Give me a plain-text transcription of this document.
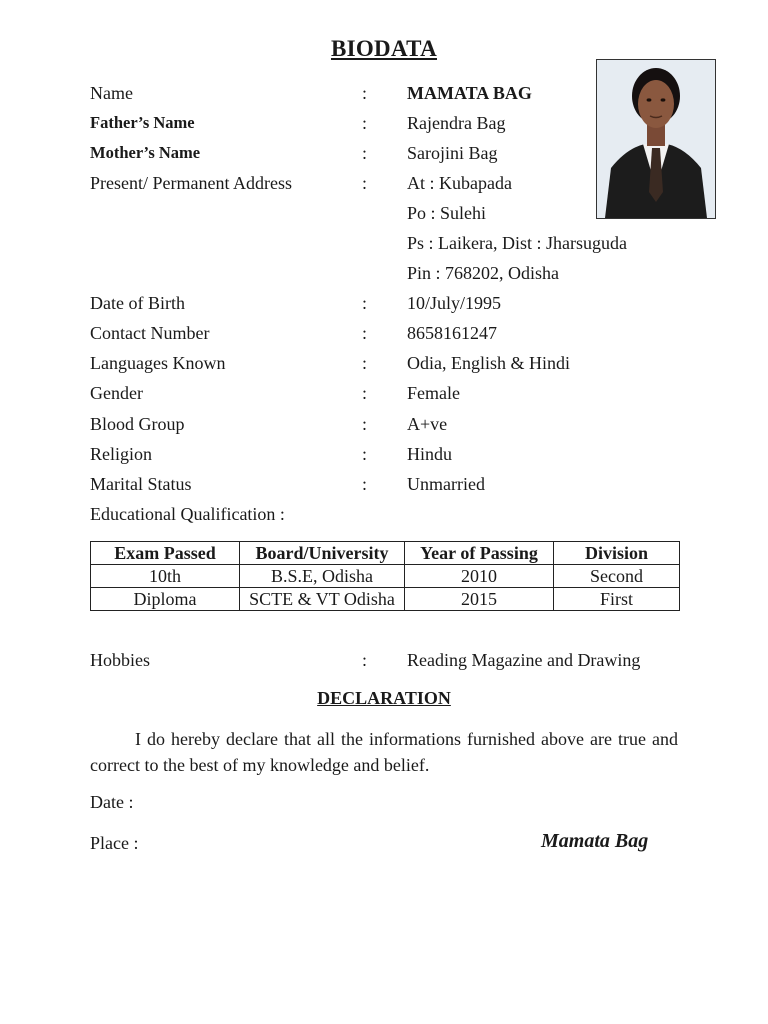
BIODATA
Name	: MAMATA BAG
Father’s Name	: Rajendra Bag
Mother’s Name	: Sarojini Bag
Present/ Permanent Address	: At : Kubapada
Po : Sulehi
Ps : Laikera, Dist : Jharsuguda
Pin : 768202, Odisha
Date of Birth	: 10/July/1995
Contact Number	: 8658161247
Languages Known	: Odia, English & Hindi
Gender	: Female
Blood Group	: A+ve
Religion	: Hindu
Marital Status	: Unmarried
Educational Qualification :
Exam Passed	Board/University	Year of Passing	Division
10th	B.S.E, Odisha	2010	Second
Diploma	SCTE & VT Odisha	2015	First
Hobbies	: Reading Magazine and Drawing
DECLARATION
I do hereby declare that all the informations furnished above are true and correct to the best of my knowledge and belief.
Date :
Place :	Mamata Bag
